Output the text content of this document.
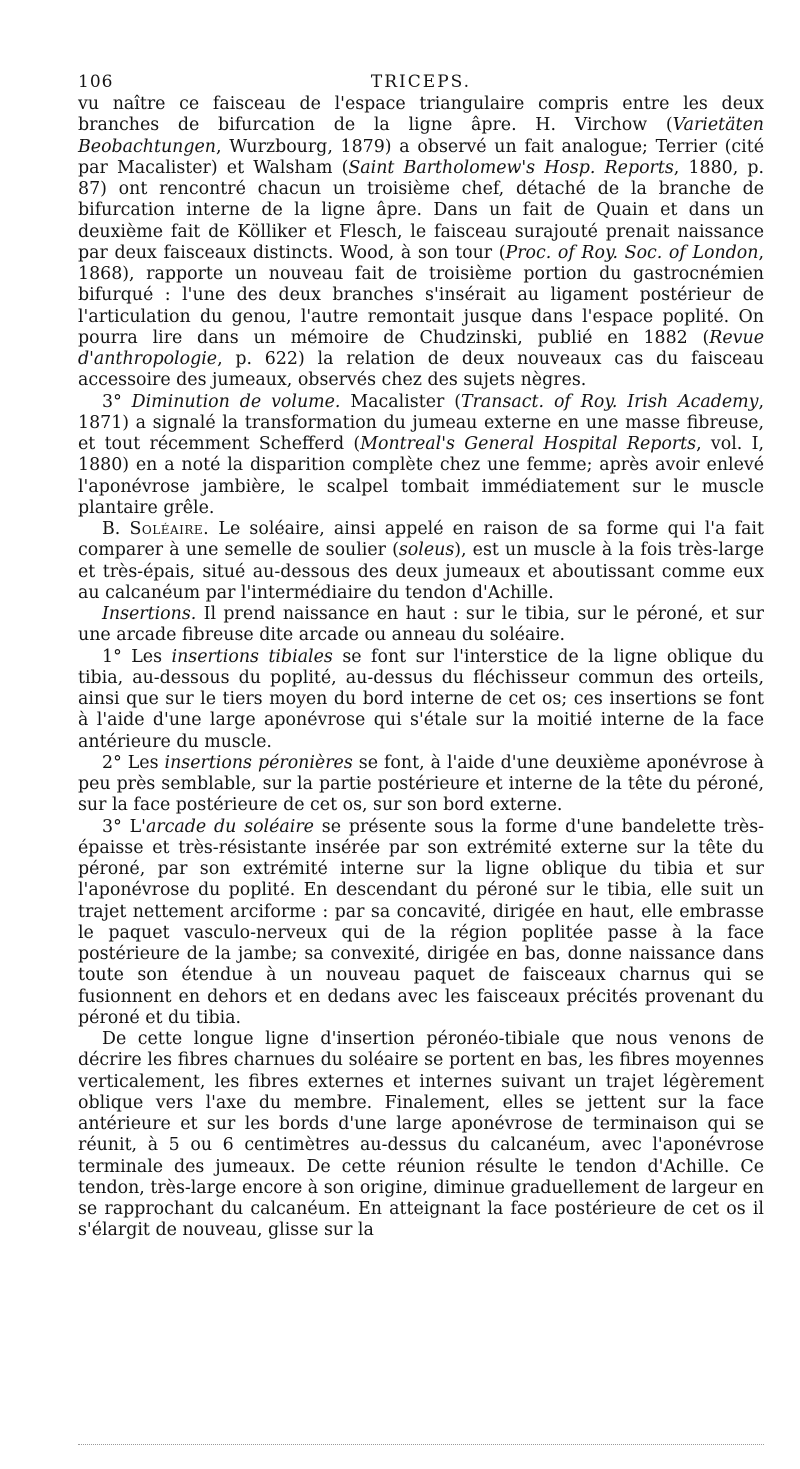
106	TRICEPS.

vu naître ce faisceau de l'espace triangulaire compris entre les deux branches de bifurcation de la ligne âpre. H. Virchow (Varietäten Beobachtungen, Wurzbourg, 1879) a observé un fait analogue; Terrier (cité par Macalister) et Walsham (Saint Bartholomew's Hosp. Reports, 1880, p. 87) ont rencontré chacun un troisième chef, détaché de la branche de bifurcation interne de la ligne âpre. Dans un fait de Quain et dans un deuxième fait de Kölliker et Flesch, le faisceau surajouté prenait naissance par deux faisceaux distincts. Wood, à son tour (Proc. of Roy. Soc. of London, 1868), rapporte un nouveau fait de troisième portion du gastrocnémien bifurqué : l'une des deux branches s'insérait au ligament postérieur de l'articulation du genou, l'autre remontait jusque dans l'espace poplité. On pourra lire dans un mémoire de Chudzinski, publié en 1882 (Revue d'anthropologie, p. 622) la relation de deux nouveaux cas du faisceau accessoire des jumeaux, observés chez des sujets nègres.

3° Diminution de volume. Macalister (Transact. of Roy. Irish Academy, 1871) a signalé la transformation du jumeau externe en une masse fibreuse, et tout récemment Schefferd (Montreal's General Hospital Reports, vol. I, 1880) en a noté la disparition complète chez une femme; après avoir enlevé l'aponévrose jambière, le scalpel tombait immédiatement sur le muscle plantaire grêle.

B. Soléaire. Le soléaire, ainsi appelé en raison de sa forme qui l'a fait comparer à une semelle de soulier (soleus), est un muscle à la fois très-large et très-épais, situé au-dessous des deux jumeaux et aboutissant comme eux au calcanéum par l'intermédiaire du tendon d'Achille.

Insertions. Il prend naissance en haut : sur le tibia, sur le péroné, et sur une arcade fibreuse dite arcade ou anneau du soléaire.

1° Les insertions tibiales se font sur l'interstice de la ligne oblique du tibia, au-dessous du poplité, au-dessus du fléchisseur commun des orteils, ainsi que sur le tiers moyen du bord interne de cet os; ces insertions se font à l'aide d'une large aponévrose qui s'étale sur la moitié interne de la face antérieure du muscle.

2° Les insertions péronières se font, à l'aide d'une deuxième aponévrose à peu près semblable, sur la partie postérieure et interne de la tête du péroné, sur la face postérieure de cet os, sur son bord externe.

3° L'arcade du soléaire se présente sous la forme d'une bandelette très-épaisse et très-résistante insérée par son extrémité externe sur la tête du péroné, par son extrémité interne sur la ligne oblique du tibia et sur l'aponévrose du poplité. En descendant du péroné sur le tibia, elle suit un trajet nettement arciforme : par sa concavité, dirigée en haut, elle embrasse le paquet vasculo-nerveux qui de la région poplitée passe à la face postérieure de la jambe; sa convexité, dirigée en bas, donne naissance dans toute son étendue à un nouveau paquet de faisceaux charnus qui se fusionnent en dehors et en dedans avec les faisceaux précités provenant du péroné et du tibia.

De cette longue ligne d'insertion péronéo-tibiale que nous venons de décrire les fibres charnues du soléaire se portent en bas, les fibres moyennes verticalement, les fibres externes et internes suivant un trajet légèrement oblique vers l'axe du membre. Finalement, elles se jettent sur la face antérieure et sur les bords d'une large aponévrose de terminaison qui se réunit, à 5 ou 6 centimètres au-dessus du calcanéum, avec l'aponévrose terminale des jumeaux. De cette réunion résulte le tendon d'Achille. Ce tendon, très-large encore à son origine, diminue graduellement de largeur en se rapprochant du calcanéum. En atteignant la face postérieure de cet os il s'élargit de nouveau, glisse sur la
